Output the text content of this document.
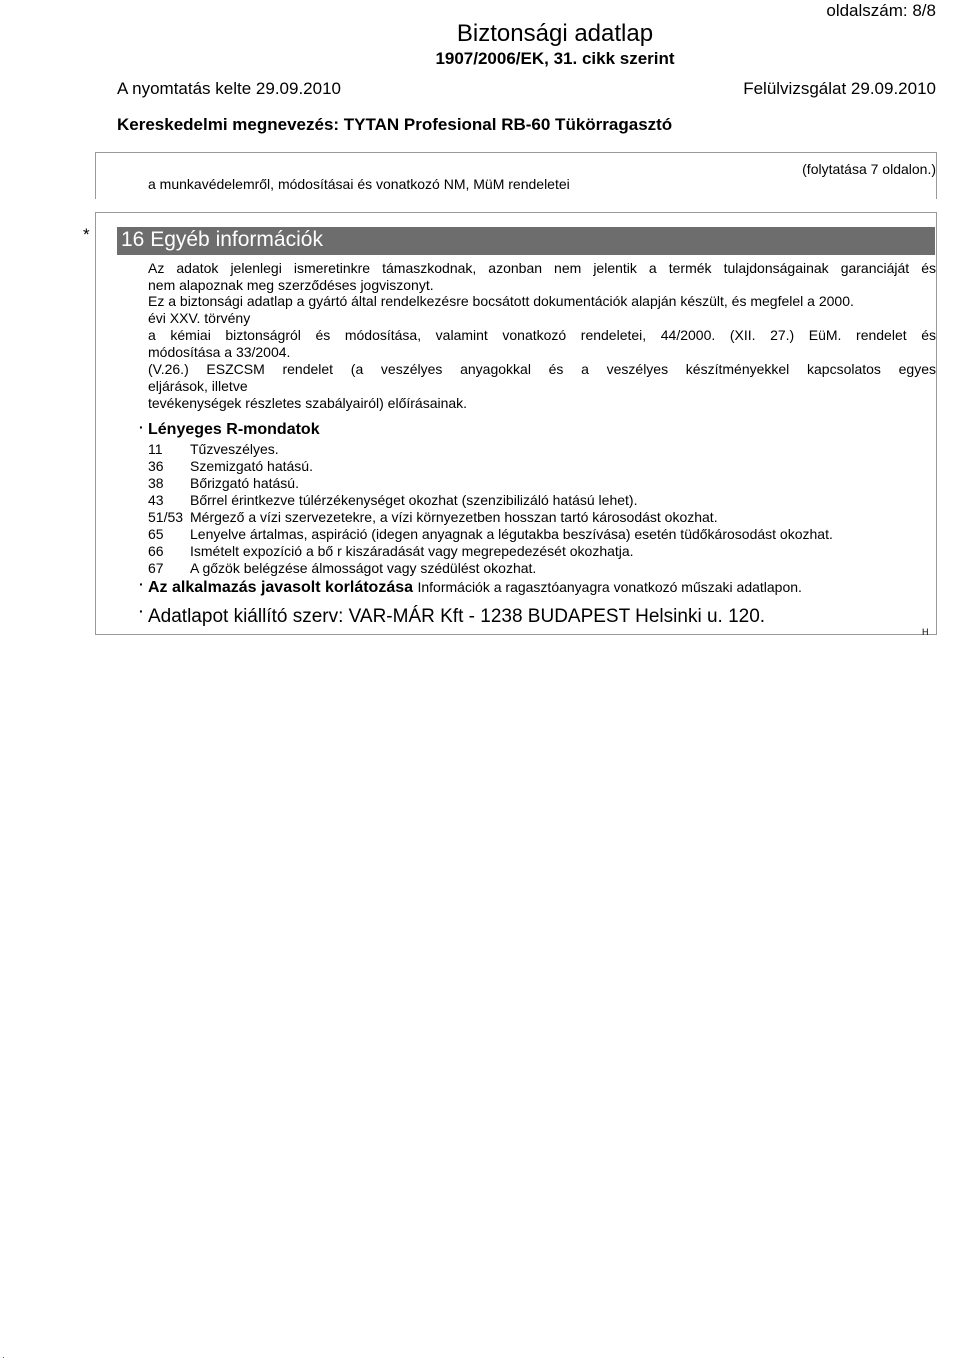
oldalszám: 8/8
Biztonsági adatlap
1907/2006/EK, 31. cikk szerint
A nyomtatás kelte 29.09.2010	Felülvizsgálat 29.09.2010
Kereskedelmi megnevezés: TYTAN Profesional RB-60 Tükörragasztó
(folytatása 7 oldalon.)
a munkavédelemről, módosításai és vonatkozó NM, MüM rendeletei
* 16 Egyéb információk
Az adatok jelenlegi ismeretinkre támaszkodnak, azonban nem jelentik a termék tulajdonságainak garanciáját és
nem alapoznak meg szerződéses jogviszonyt.
Ez a biztonsági adatlap a gyártó által rendelkezésre bocsátott dokumentációk alapján készült, és megfelel a 2000.
évi XXV. törvény
a kémiai biztonságról és módosítása, valamint vonatkozó rendeletei, 44/2000. (XII. 27.) EüM. rendelet és
módosítása a 33/2004.
(V.26.) ESZCSM rendelet (a veszélyes anyagokkal és a veszélyes készítményekkel kapcsolatos egyes
eljárások, illetve
tevékenységek részletes szabályairól) előírásainak.
· Lényeges R-mondatok
11 Tűzveszélyes.
36 Szemizgató hatású.
38 Bőrizgató hatású.
43 Bőrrel érintkezve túlérzékenységet okozhat (szenzibilizáló hatású lehet).
51/53 Mérgező a vízi szervezetekre, a vízi környezetben hosszan tartó károsodást okozhat.
65 Lenyelve ártalmas, aspiráció (idegen anyagnak a légutakba beszívása) esetén tüdőkárosodást okozhat.
66 Ismételt expozíció a bő r kiszáradását vagy megrepedezését okozhatja.
67 A gőzök belégzése álmosságot vagy szédülést okozhat.
· Az alkalmazás javasolt korlátozása Információk a ragasztóanyagra vonatkozó műszaki adatlapon.
· Adatlapot kiállító szerv: VAR-MÁR Kft - 1238 BUDAPEST Helsinki u. 120.
H
·
